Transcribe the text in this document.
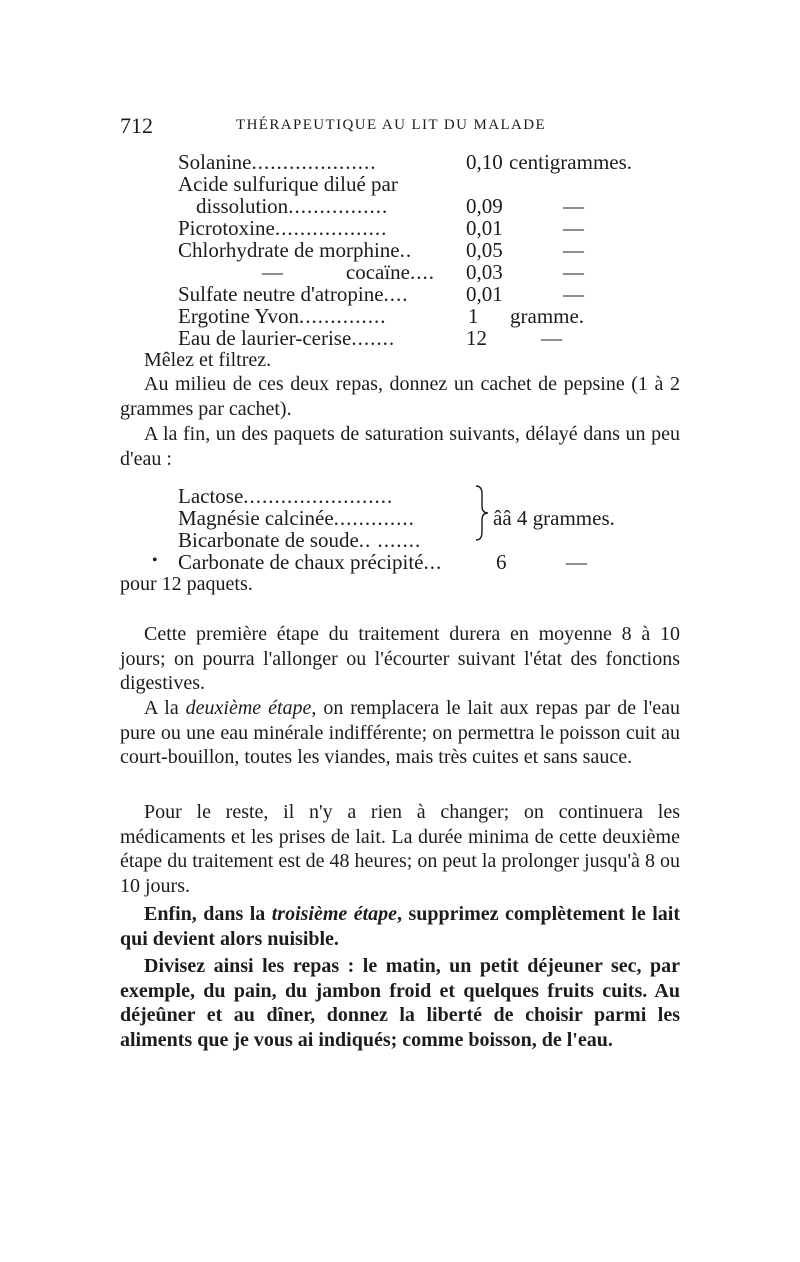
712	THÉRAPEUTIQUE AU LIT DU MALADE
Solanine....................	0,10 centigrammes.
Acide sulfurique dilué par
dissolution................	0,09	—
Picrotoxine..................	0,01	—
Chlorhydrate de morphine..	0,05	—
—            cocaïne.... 0,03	—
Sulfate neutre d'atropine....	0,01	—
Ergotine Yvon..............	1 gramme.
Eau de laurier-cerise.......	12	—
Mêlez et filtrez.
Au milieu de ces deux repas, donnez un cachet de pepsine (1 à 2 grammes par cachet).
A la fin, un des paquets de saturation suivants, délayé dans un peu d'eau :
Lactose........................
Magnésie calcinée.............	ââ 4 grammes.
Bicarbonate de soude.. .......
Carbonate de chaux précipité...	6	—
•
pour 12 paquets.
Cette première étape du traitement durera en moyenne 8 à 10 jours; on pourra l'allonger ou l'écourter suivant l'état des fonctions digestives.
A la deuxième étape, on remplacera le lait aux repas par de l'eau pure ou une eau minérale indifférente; on permettra le poisson cuit au court-bouillon, toutes les viandes, mais très cuites et sans sauce.
Pour le reste, il n'y a rien à changer; on continuera les médicaments et les prises de lait. La durée minima de cette deuxième étape du traitement est de 48 heures; on peut la prolonger jusqu'à 8 ou 10 jours.
Enfin, dans la troisième étape, supprimez complètement le lait qui devient alors nuisible.
Divisez ainsi les repas : le matin, un petit déjeuner sec, par exemple, du pain, du jambon froid et quelques fruits cuits. Au déjeûner et au dîner, donnez la liberté de choisir parmi les aliments que je vous ai indiqués; comme boisson, de l'eau.
